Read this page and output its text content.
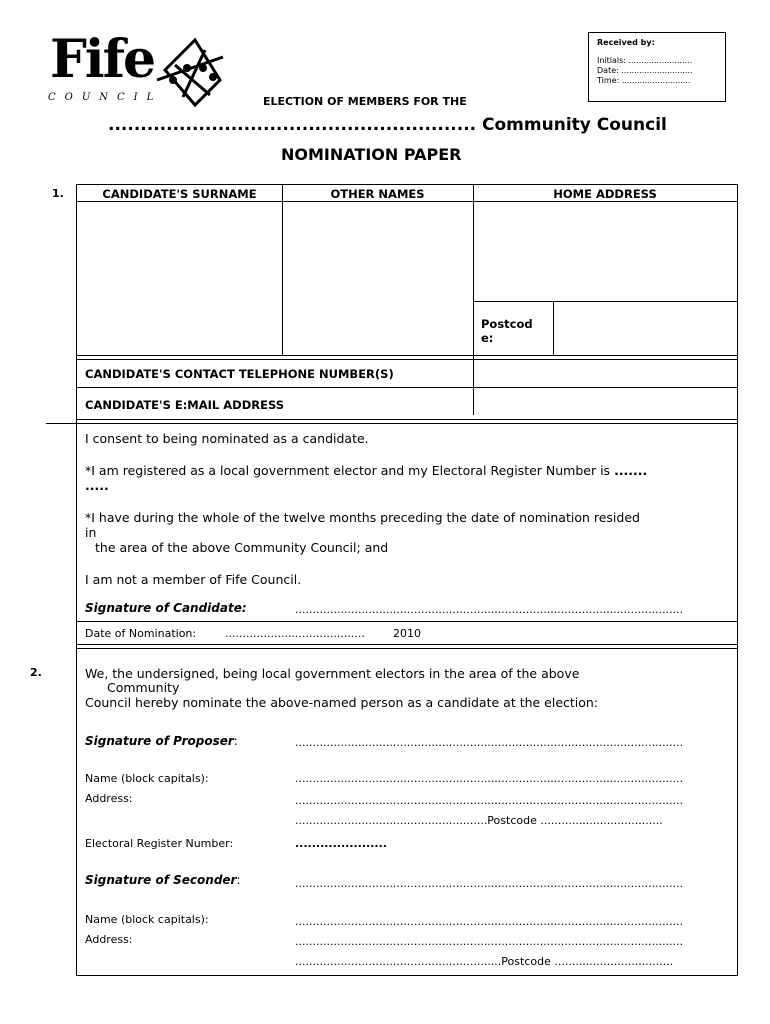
Fife
COUNCIL
Received by:
Initials: .........................
Date: ............................
Time: ...........................
ELECTION OF MEMBERS FOR THE
......................................................... Community Council
NOMINATION PAPER
1.
2.
CANDIDATE'S SURNAME	OTHER NAMES	HOME ADDRESS
Postcod
e:
CANDIDATE'S CONTACT TELEPHONE NUMBER(S)
CANDIDATE'S E:MAIL ADDRESS
I consent to being nominated as a candidate.
*I am registered as a local government elector and my Electoral Register Number is .......
.....
*I have during the whole of the twelve months preceding the date of nomination resided
in
the area of the above Community Council; and
I am not a member of Fife Council.
Signature of Candidate:	...............................................................................................................
Date of Nomination:	........................................	2010
We, the undersigned, being local government electors in the area of the above
Community
Council hereby nominate the above-named person as a candidate at the election:
Signature of Proposer:	...............................................................................................................
Name (block capitals):	...............................................................................................................
Address:	...............................................................................................................
.......................................................Postcode ...................................
Electoral Register Number:	......................
Signature of Seconder:	...............................................................................................................
Name (block capitals):	...............................................................................................................
Address:	...............................................................................................................
...........................................................Postcode ..................................
